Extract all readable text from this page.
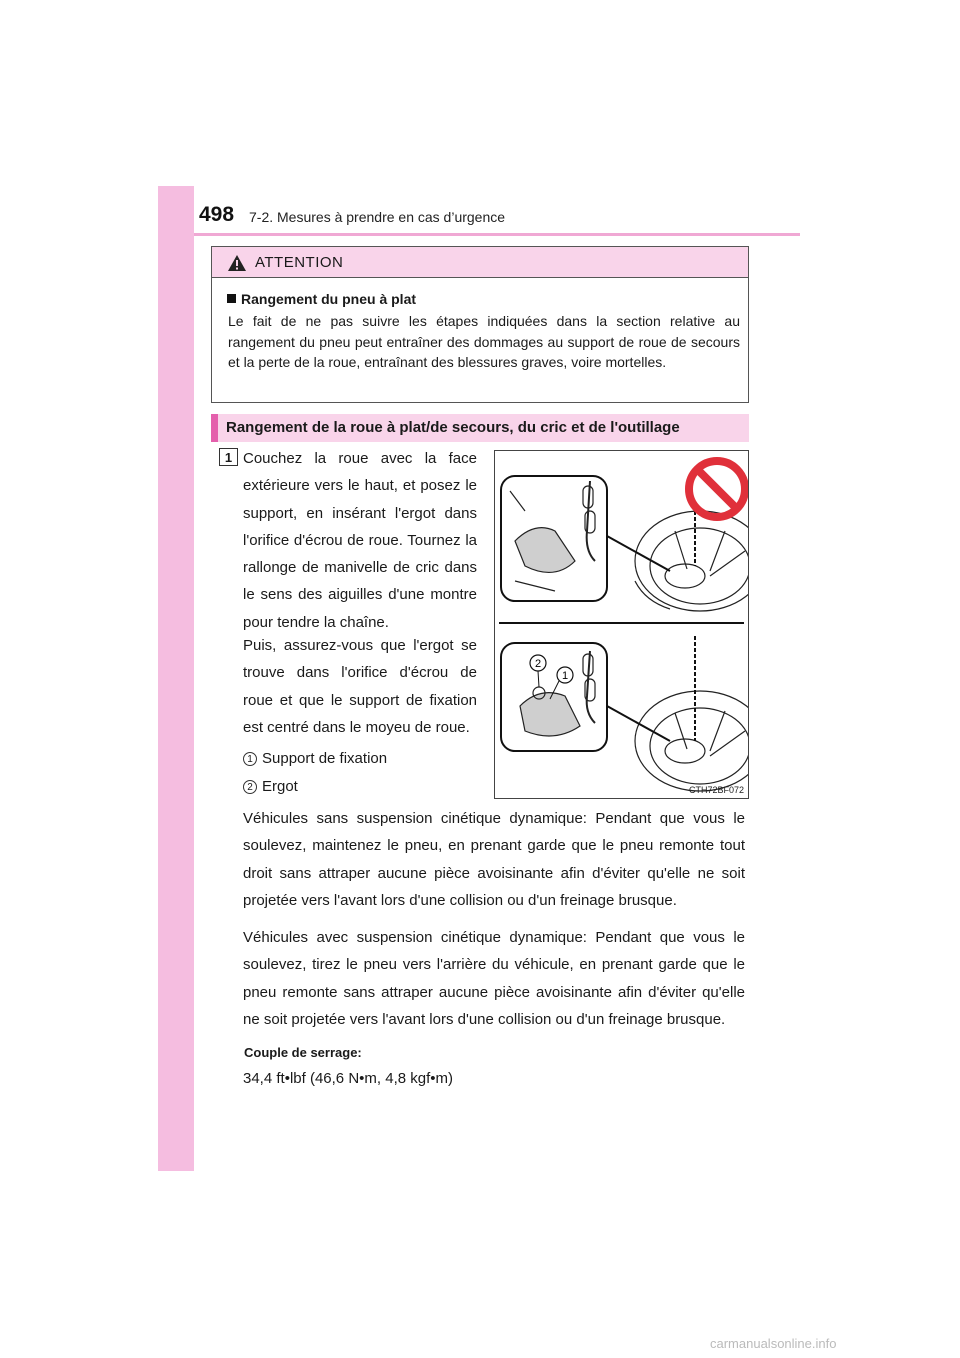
498 7-2. Mesures à prendre en cas d’urgence
ATTENTION
Rangement du pneu à plat
Le fait de ne pas suivre les étapes indiquées dans la section relative au rangement du pneu peut entraîner des dommages au support de roue de secours et la perte de la roue, entraînant des blessures graves, voire mortelles.
Rangement de la roue à plat/de secours, du cric et de l'outillage
1 Couchez la roue avec la face extérieure vers le haut, et posez le support, en insérant l'ergot dans l'orifice d'écrou de roue. Tournez la rallonge de manivelle de cric dans le sens des aiguilles d'une montre pour tendre la chaîne.
Puis, assurez-vous que l'ergot se trouve dans l'orifice d'écrou de roue et que le support de fixation est centré dans le moyeu de roue.
1 Support de fixation
2 Ergot
Véhicules sans suspension cinétique dynamique: Pendant que vous le soulevez, maintenez le pneu, en prenant garde que le pneu remonte tout droit sans attraper aucune pièce avoisinante afin d'éviter qu'elle ne soit projetée vers l'avant lors d'une collision ou d'un freinage brusque.
Véhicules avec suspension cinétique dynamique: Pendant que vous le soulevez, tirez le pneu vers l'arrière du véhicule, en prenant garde que le pneu remonte sans attraper aucune pièce avoisinante afin d'éviter qu'elle ne soit projetée vers l'avant lors d'une collision ou d'un freinage brusque.
Couple de serrage:
34,4 ft•lbf (46,6 N•m, 4,8 kgf•m)
2
1
CTH72BF072
carmanualsonline.info
